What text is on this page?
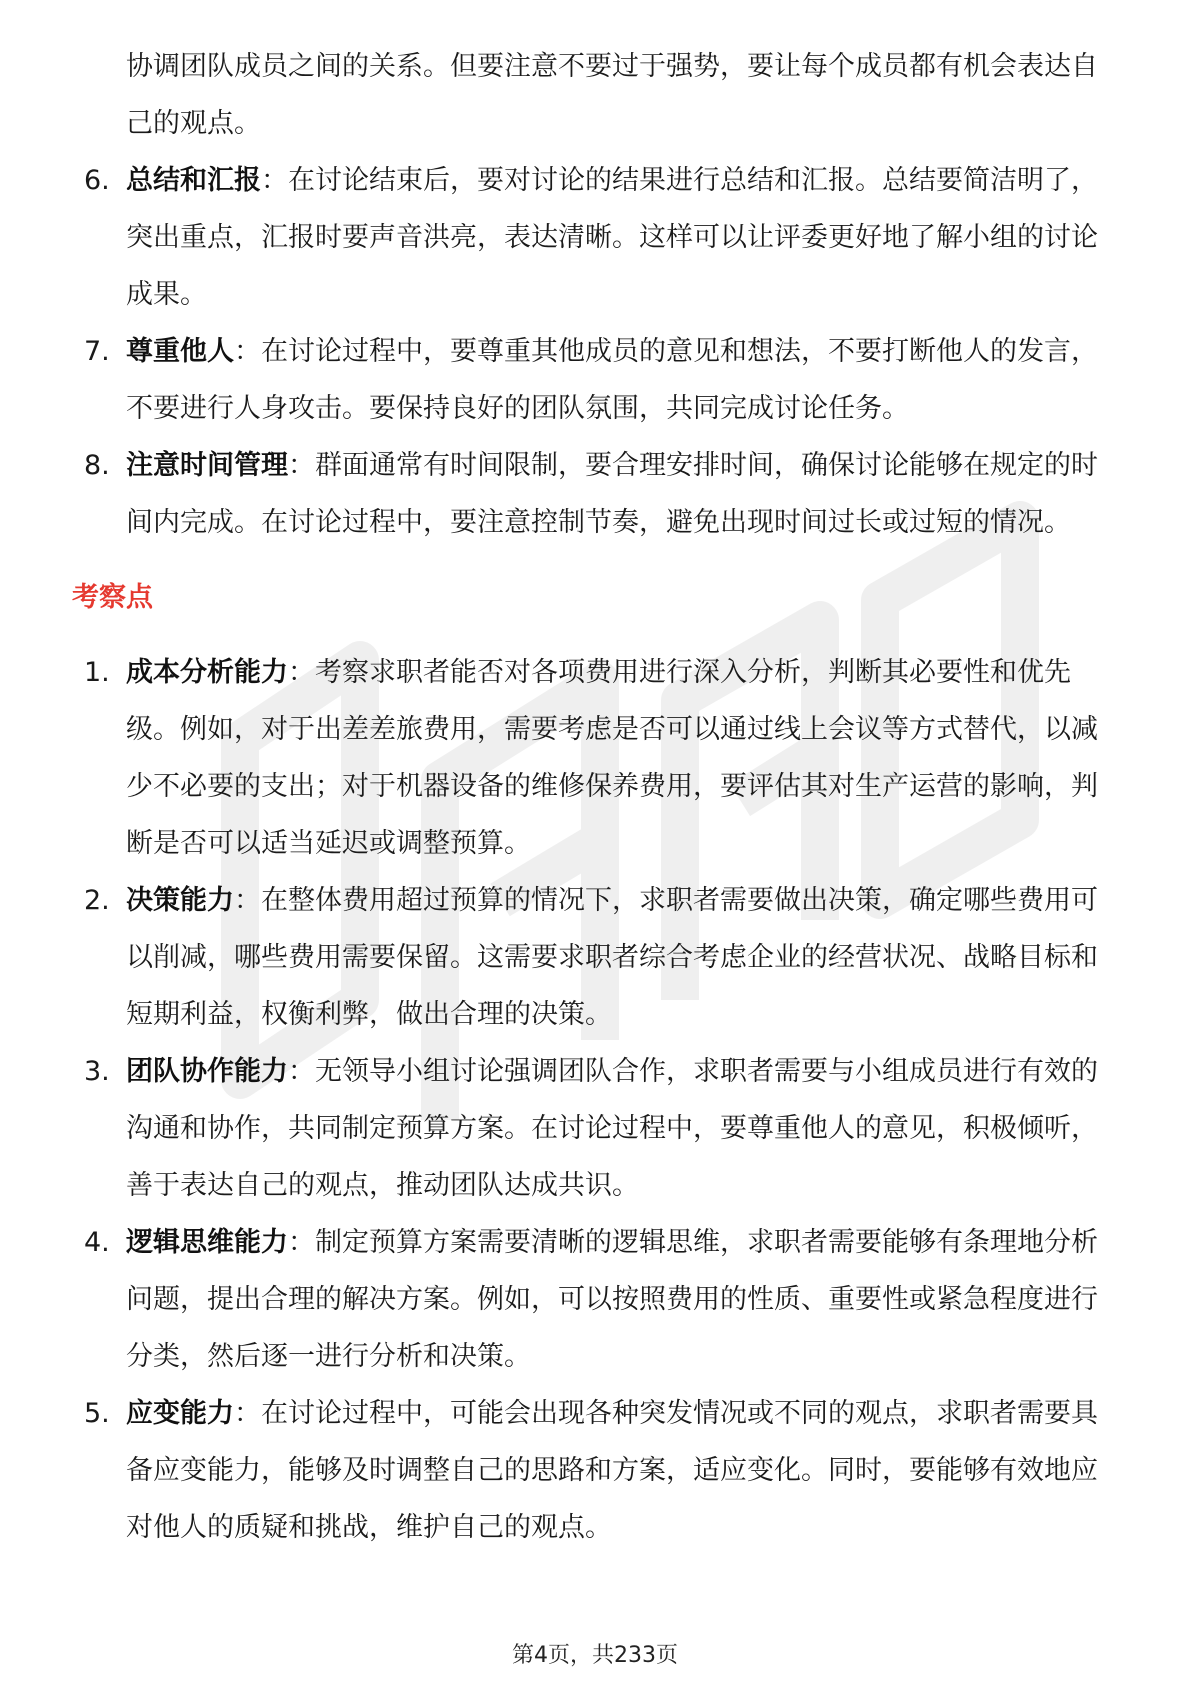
协调团队成员之间的关系。但要注意不要过于强势，要让每个成员都有机会表达自己的观点。

6. 总结和汇报：在讨论结束后，要对讨论的结果进行总结和汇报。总结要简洁明了，突出重点，汇报时要声音洪亮，表达清晰。这样可以让评委更好地了解小组的讨论成果。
7. 尊重他人：在讨论过程中，要尊重其他成员的意见和想法，不要打断他人的发言，不要进行人身攻击。要保持良好的团队氛围，共同完成讨论任务。
8. 注意时间管理：群面通常有时间限制，要合理安排时间，确保讨论能够在规定的时间内完成。在讨论过程中，要注意控制节奏，避免出现时间过长或过短的情况。
考察点
1. 成本分析能力：考察求职者能否对各项费用进行深入分析，判断其必要性和优先级。例如，对于出差差旅费用，需要考虑是否可以通过线上会议等方式替代，以减少不必要的支出；对于机器设备的维修保养费用，要评估其对生产运营的影响，判断是否可以适当延迟或调整预算。
2. 决策能力：在整体费用超过预算的情况下，求职者需要做出决策，确定哪些费用可以削减，哪些费用需要保留。这需要求职者综合考虑企业的经营状况、战略目标和短期利益，权衡利弊，做出合理的决策。
3. 团队协作能力：无领导小组讨论强调团队合作，求职者需要与小组成员进行有效的沟通和协作，共同制定预算方案。在讨论过程中，要尊重他人的意见，积极倾听，善于表达自己的观点，推动团队达成共识。
4. 逻辑思维能力：制定预算方案需要清晰的逻辑思维，求职者需要能够有条理地分析问题，提出合理的解决方案。例如，可以按照费用的性质、重要性或紧急程度进行分类，然后逐一进行分析和决策。
5. 应变能力：在讨论过程中，可能会出现各种突发情况或不同的观点，求职者需要具备应变能力，能够及时调整自己的思路和方案，适应变化。同时，要能够有效地应对他人的质疑和挑战，维护自己的观点。
第4页，共233页
